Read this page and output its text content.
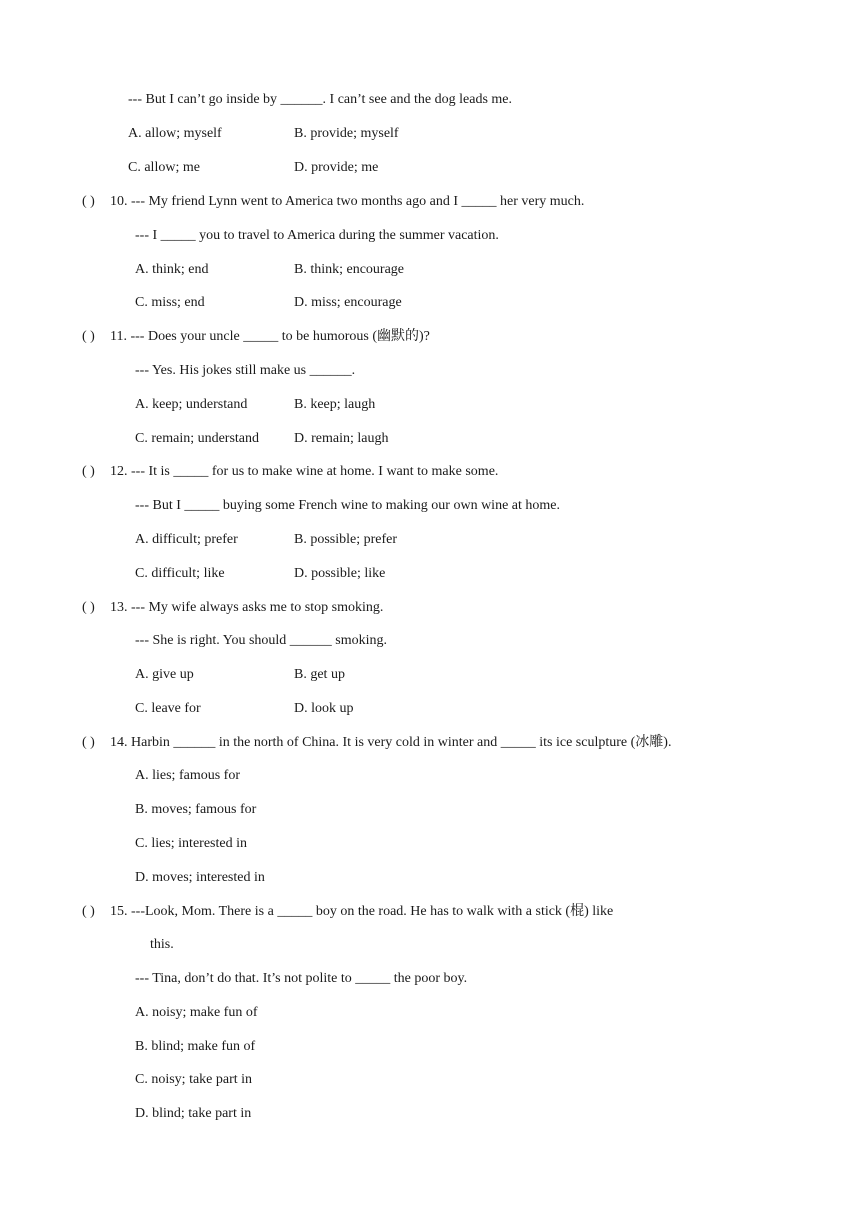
--- But I can’t go inside by ______. I can’t see and the dog leads me.
A. allow; myself	B. provide; myself
C. allow; me	D. provide; me
( ) 10. --- My friend Lynn went to America two months ago and I _____ her very much.
--- I _____ you to travel to America during the summer vacation.
A. think; end	B. think; encourage
C. miss; end	D. miss; encourage
( ) 11. --- Does your uncle _____ to be humorous (幽默的)?
--- Yes. His jokes still make us ______.
A. keep; understand	B. keep; laugh
C. remain; understand D. remain; laugh
( ) 12. --- It is _____ for us to make wine at home. I want to make some.
--- But I _____ buying some French wine to making our own wine at home.
A. difficult; prefer	B. possible; prefer
C. difficult; like	D. possible; like
( ) 13. --- My wife always asks me to stop smoking.
--- She is right. You should ______ smoking.
A. give up	B. get up
C. leave for	D. look up
( ) 14. Harbin ______ in the north of China. It is very cold in winter and _____ its ice sculpture (冰雕).
A. lies; famous for
B. moves; famous for
C. lies; interested in
D. moves; interested in
( ) 15. ---Look, Mom. There is a _____ boy on the road. He has to walk with a stick (棍) like
this.
--- Tina, don’t do that. It’s not polite to _____ the poor boy.
A. noisy; make fun of
B. blind; make fun of
C. noisy; take part in
D. blind; take part in
